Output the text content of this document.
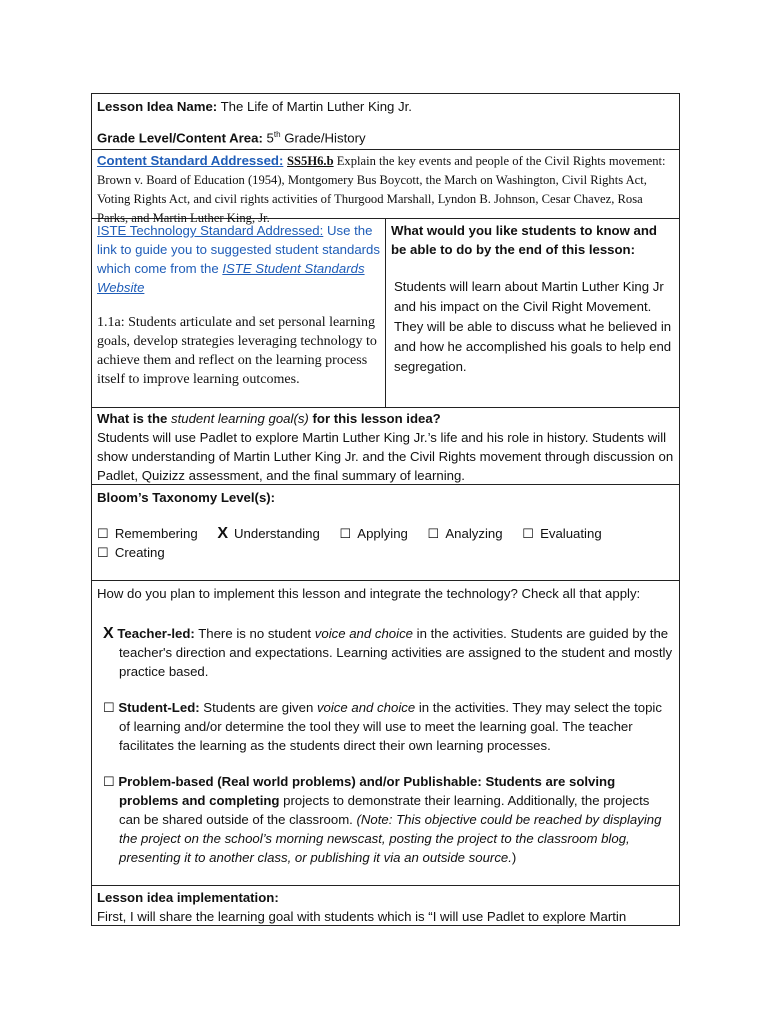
Lesson Idea Name: The Life of Martin Luther King Jr.
Grade Level/Content Area: 5th Grade/History
Content Standard Addressed: SS5H6.b Explain the key events and people of the Civil Rights movement: Brown v. Board of Education (1954), Montgomery Bus Boycott, the March on Washington, Civil Rights Act, Voting Rights Act, and civil rights activities of Thurgood Marshall, Lyndon B. Johnson, Cesar Chavez, Rosa Parks, and Martin Luther King, Jr.
ISTE Technology Standard Addressed: Use the link to guide you to suggested student standards which come from the ISTE Student Standards Website
1.1a: Students articulate and set personal learning goals, develop strategies leveraging technology to achieve them and reflect on the learning process itself to improve learning outcomes.
What would you like students to know and be able to do by the end of this lesson:
Students will learn about Martin Luther King Jr and his impact on the Civil Right Movement. They will be able to discuss what he believed in and how he accomplished his goals to help end segregation.
What is the student learning goal(s) for this lesson idea?
Students will use Padlet to explore Martin Luther King Jr.’s life and his role in history. Students will show understanding of Martin Luther King Jr. and the Civil Rights movement through discussion on Padlet, Quizizz assessment, and the final summary of learning.
Bloom’s Taxonomy Level(s):
☐ Remembering X Understanding ☐ Applying ☐ Analyzing ☐ Evaluating ☐ Creating
How do you plan to implement this lesson and integrate the technology? Check all that apply:
X Teacher-led: There is no student voice and choice in the activities. Students are guided by the teacher's direction and expectations. Learning activities are assigned to the student and mostly practice based.
☐ Student-Led: Students are given voice and choice in the activities. They may select the topic of learning and/or determine the tool they will use to meet the learning goal. The teacher facilitates the learning as the students direct their own learning processes.
☐ Problem-based (Real world problems) and/or Publishable: Students are solving problems and completing projects to demonstrate their learning. Additionally, the projects can be shared outside of the classroom. (Note: This objective could be reached by displaying the project on the school’s morning newscast, posting the project to the classroom blog, presenting it to another class, or publishing it via an outside source.)
Lesson idea implementation:
First, I will share the learning goal with students which is “I will use Padlet to explore Martin
